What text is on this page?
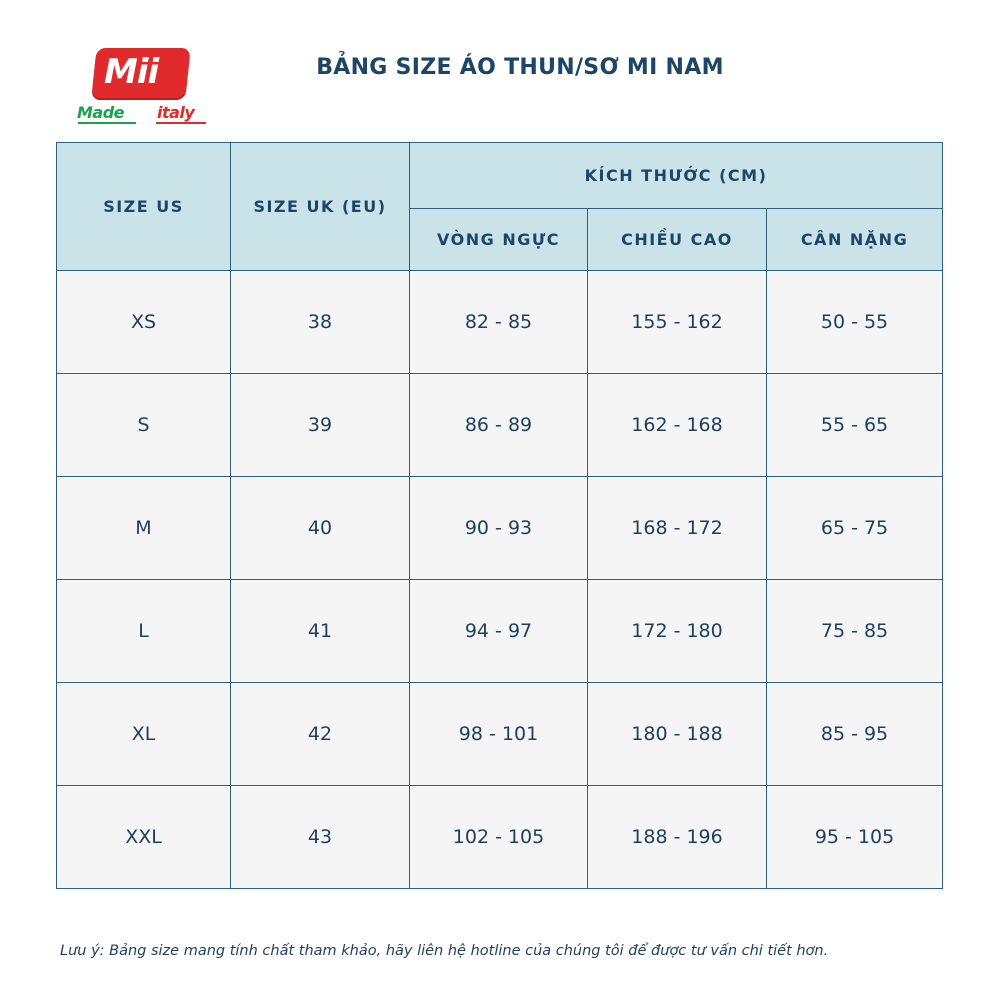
Mii
Made italy
BẢNG SIZE ÁO THUN/SƠ MI NAM
SIZE US	SIZE UK (EU)	KÍCH THƯỚC (CM)		
		VÒNG NGỰC	CHIỀU CAO	CÂN NẶNG
XS	38	82 - 85	155 - 162	50 - 55
S	39	86 - 89	162 - 168	55 - 65
M	40	90 - 93	168 - 172	65 - 75
L	41	94 - 97	172 - 180	75 - 85
XL	42	98 - 101	180 - 188	85 - 95
XXL	43	102 - 105	188 - 196	95 - 105
Lưu ý: Bảng size mang tính chất tham khảo, hãy liên hệ hotline của chúng tôi để được tư vấn chi tiết hơn.
